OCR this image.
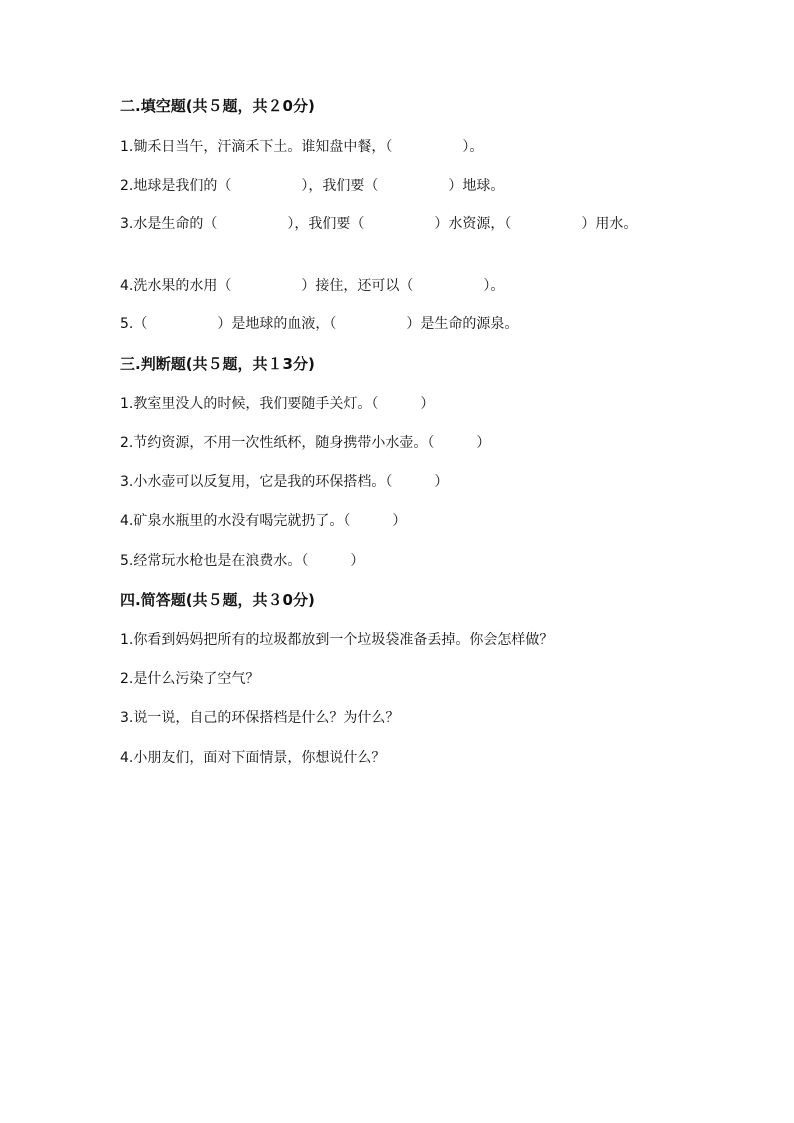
二.填空题(共５题，共２0分)
1.锄禾日当午，汗滴禾下土。谁知盘中餐，（　　　　　）。
2.地球是我们的（　　　　　），我们要（　　　　　）地球。
3.水是生命的（　　　　　），我们要（　　　　　）水资源，（　　　　　）用水。
4.洗水果的水用（　　　　　）接住，还可以（　　　　　）。
5.（　　　　　）是地球的血液，（　　　　　）是生命的源泉。
三.判断题(共５题，共１3分)
1.教室里没人的时候，我们要随手关灯。（　　　）
2.节约资源，不用一次性纸杯，随身携带小水壶。（　　　）
3.小水壶可以反复用，它是我的环保搭档。（　　　）
4.矿泉水瓶里的水没有喝完就扔了。（　　　）
5.经常玩水枪也是在浪费水。（　　　）
四.简答题(共５题，共３0分)
1.你看到妈妈把所有的垃圾都放到一个垃圾袋准备丢掉。你会怎样做？
2.是什么污染了空气？
3.说一说，自己的环保搭档是什么？为什么？
4.小朋友们，面对下面情景，你想说什么？
